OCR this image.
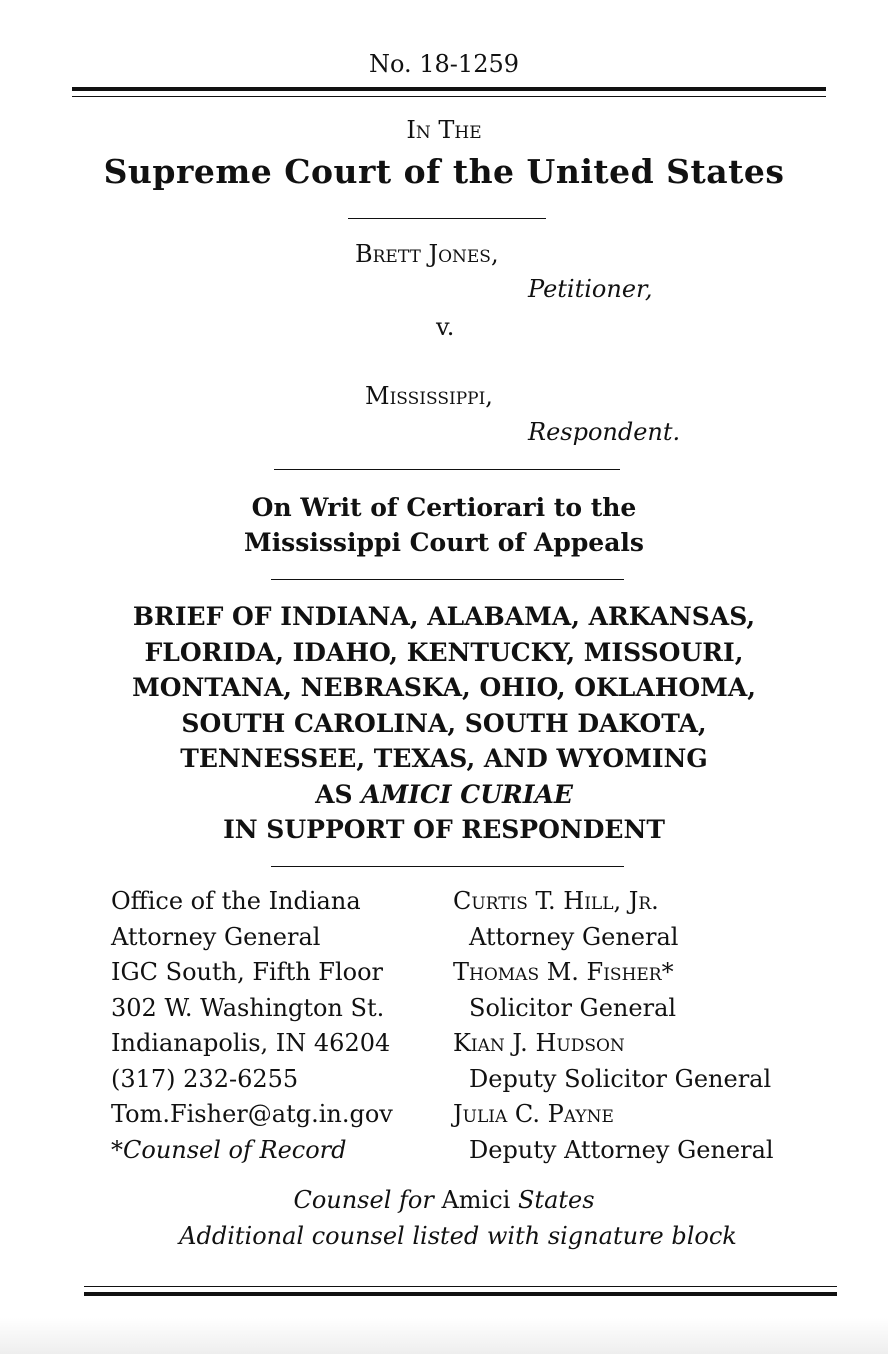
No. 18-1259
In The
Supreme Court of the United States
Brett Jones,
Petitioner,
v.
Mississippi,
Respondent.
On Writ of Certiorari to the
Mississippi Court of Appeals
BRIEF OF INDIANA, ALABAMA, ARKANSAS,
FLORIDA, IDAHO, KENTUCKY, MISSOURI,
MONTANA, NEBRASKA, OHIO, OKLAHOMA,
SOUTH CAROLINA, SOUTH DAKOTA,
TENNESSEE, TEXAS, AND WYOMING
AS AMICI CURIAE
IN SUPPORT OF RESPONDENT
Office of the Indiana
Attorney General
IGC South, Fifth Floor
302 W. Washington St.
Indianapolis, IN 46204
(317) 232-6255
Tom.Fisher@atg.in.gov
*Counsel of Record
Curtis T. Hill, Jr.
Attorney General
Thomas M. Fisher*
Solicitor General
Kian J. Hudson
Deputy Solicitor General
Julia C. Payne
Deputy Attorney General
Counsel for Amici States
Additional counsel listed with signature block
